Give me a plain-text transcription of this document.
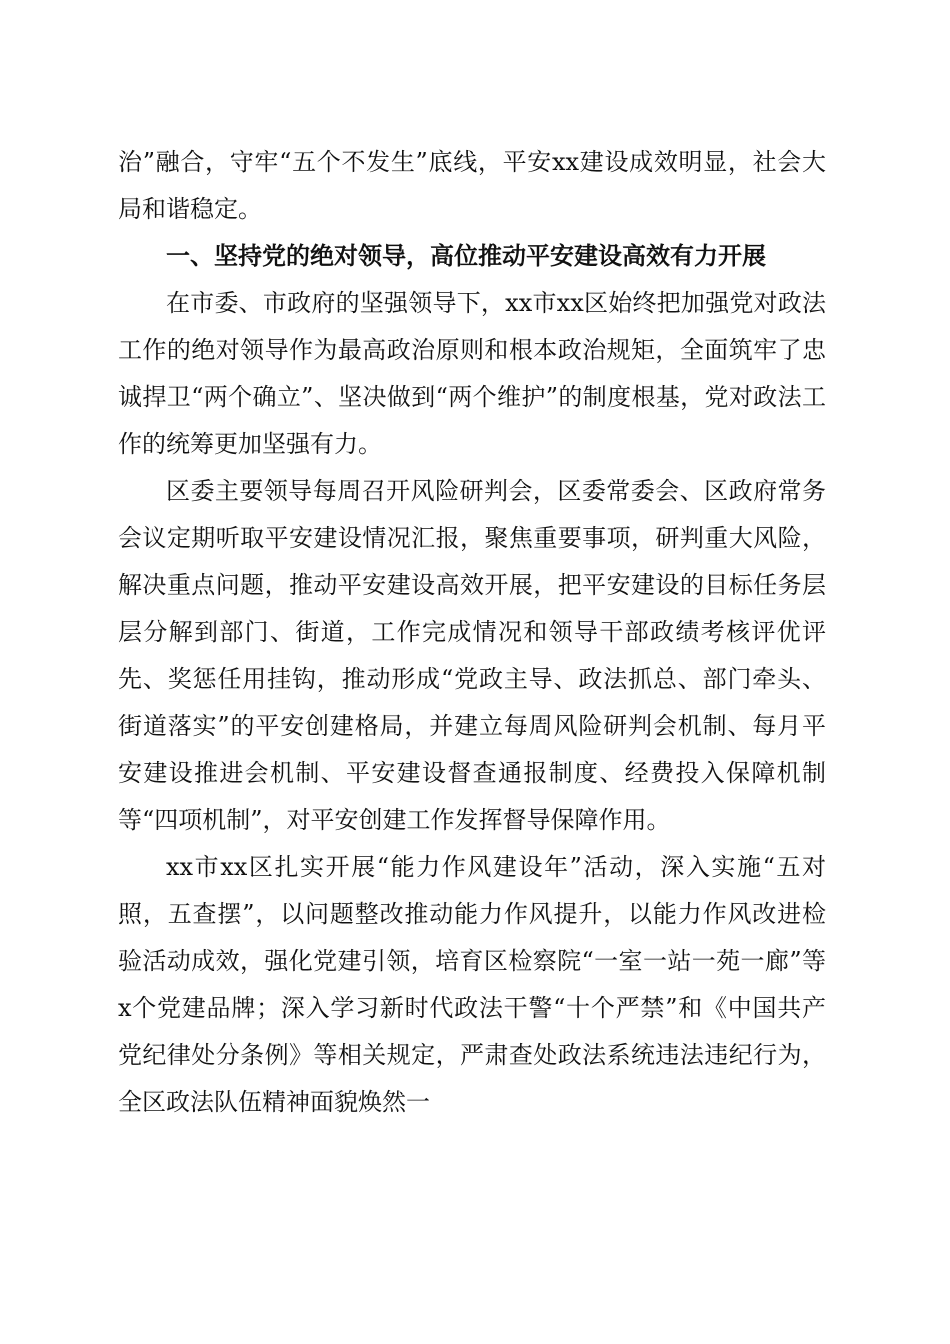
治”融合，守牢“五个不发生”底线，平安xx建设成效明显，社会大局和谐稳定。

一、坚持党的绝对领导，高位推动平安建设高效有力开展

在市委、市政府的坚强领导下，xx市xx区始终把加强党对政法工作的绝对领导作为最高政治原则和根本政治规矩，全面筑牢了忠诚捍卫“两个确立”、坚决做到“两个维护”的制度根基，党对政法工作的统筹更加坚强有力。

区委主要领导每周召开风险研判会，区委常委会、区政府常务会议定期听取平安建设情况汇报，聚焦重要事项，研判重大风险，解决重点问题，推动平安建设高效开展，把平安建设的目标任务层层分解到部门、街道，工作完成情况和领导干部政绩考核评优评先、奖惩任用挂钩，推动形成“党政主导、政法抓总、部门牵头、街道落实”的平安创建格局，并建立每周风险研判会机制、每月平安建设推进会机制、平安建设督查通报制度、经费投入保障机制等“四项机制”，对平安创建工作发挥督导保障作用。

xx市xx区扎实开展“能力作风建设年”活动，深入实施“五对照，五查摆”，以问题整改推动能力作风提升，以能力作风改进检验活动成效，强化党建引领，培育区检察院“一室一站一苑一廊”等x个党建品牌；深入学习新时代政法干警“十个严禁”和《中国共产党纪律处分条例》等相关规定，严肃查处政法系统违法违纪行为，全区政法队伍精神面貌焕然一
